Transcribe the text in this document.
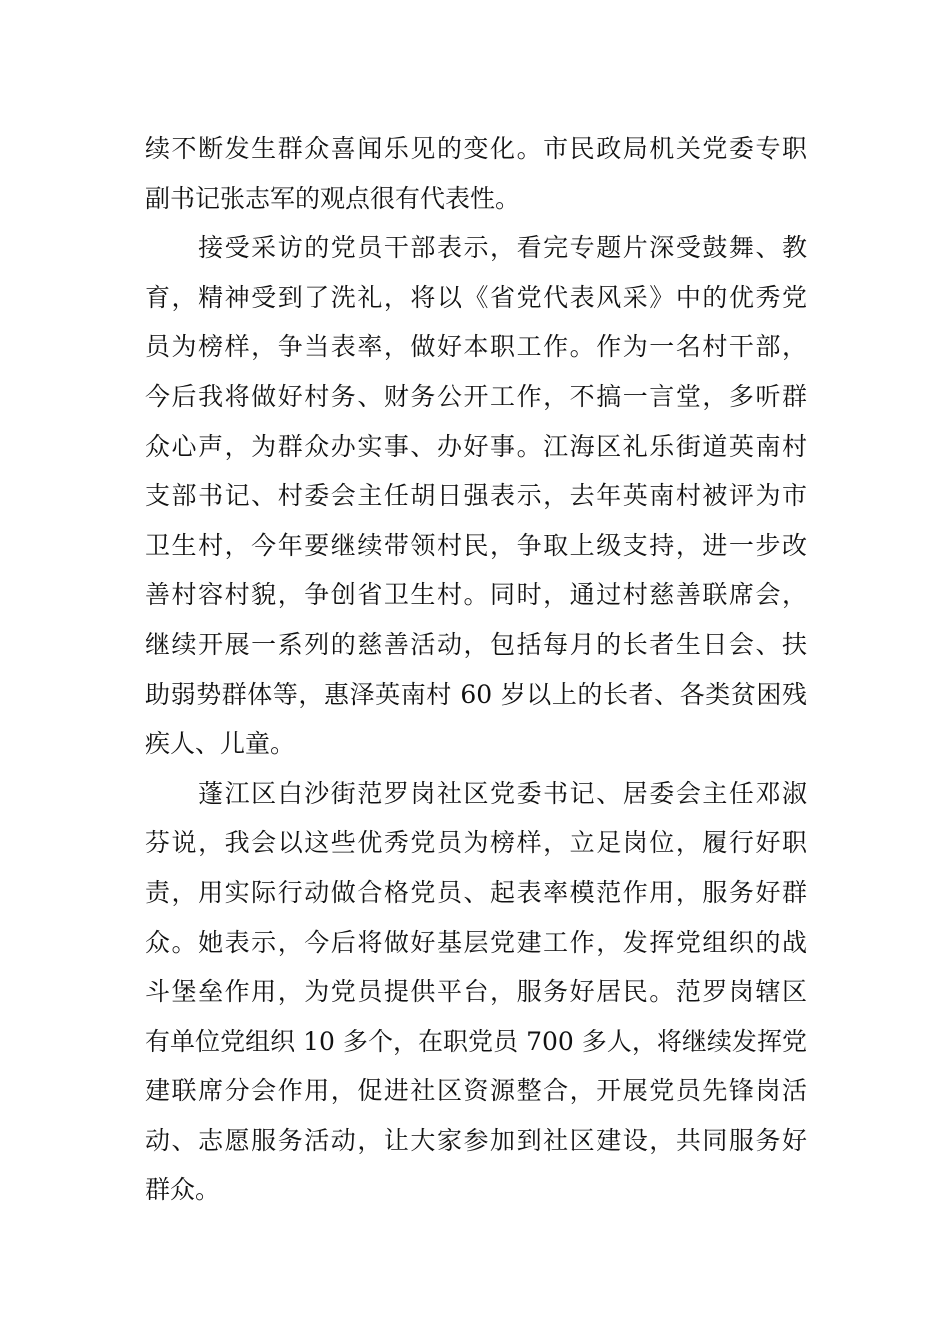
续不断发生群众喜闻乐见的变化。市民政局机关党委专职
副书记张志军的观点很有代表性。

　　接受采访的党员干部表示，看完专题片深受鼓舞、教
育，精神受到了洗礼，将以《省党代表风采》中的优秀党
员为榜样，争当表率，做好本职工作。作为一名村干部，
今后我将做好村务、财务公开工作，不搞一言堂，多听群
众心声，为群众办实事、办好事。江海区礼乐街道英南村
支部书记、村委会主任胡日强表示，去年英南村被评为市
卫生村，今年要继续带领村民，争取上级支持，进一步改
善村容村貌，争创省卫生村。同时，通过村慈善联席会，
继续开展一系列的慈善活动，包括每月的长者生日会、扶
助弱势群体等，惠泽英南村 60 岁以上的长者、各类贫困残
疾人、儿童。

　　蓬江区白沙街范罗岗社区党委书记、居委会主任邓淑
芬说，我会以这些优秀党员为榜样，立足岗位，履行好职
责，用实际行动做合格党员、起表率模范作用，服务好群
众。她表示，今后将做好基层党建工作，发挥党组织的战
斗堡垒作用，为党员提供平台，服务好居民。范罗岗辖区
有单位党组织 10 多个，在职党员 700 多人，将继续发挥党
建联席分会作用，促进社区资源整合，开展党员先锋岗活
动、志愿服务活动，让大家参加到社区建设，共同服务好
群众。
